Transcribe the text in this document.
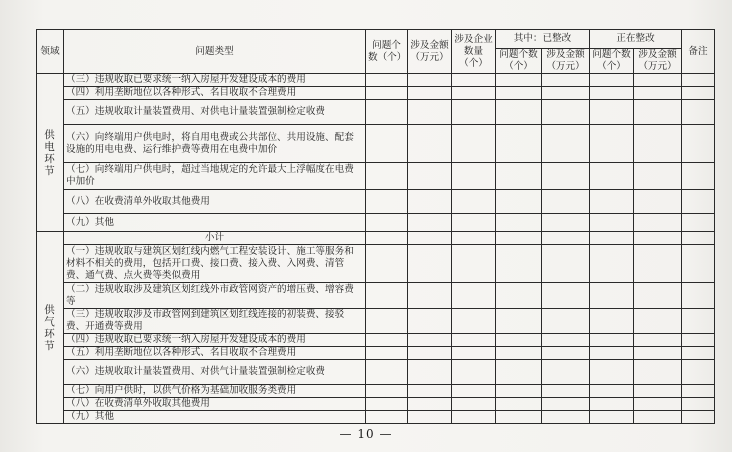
领域	问题类型	问题个数（个）	涉及金额（万元）	涉及企业数量（个）	其中：已整改		正在整改		备注
					问题个数（个）	涉及金额（万元）	问题个数（个）	涉及金额（万元）	
供电环节	（三）违规收取已要求统一纳入房屋开发建设成本的费用								
	（四）利用垄断地位以各种形式、名目收取不合理费用								
	（五）违规收取计量装置费用、对供电计量装置强制检定收费								
	（六）向终端用户供电时，将自用电费或公共部位、共用设施、配套设施的用电电费、运行维护费等费用在电费中加价								
	（七）向终端用户供电时，超过当地规定的允许最大上浮幅度在电费中加价								
	（八）在收费清单外收取其他费用								
	（九）其他								
供气环节	小计								
	（一）违规收取与建筑区划红线内燃气工程安装设计、施工等服务和材料不相关的费用，包括开口费、接口费、接入费、入网费、清管费、通气费、点火费等类似费用								
	（二）违规收取涉及建筑区划红线外市政管网资产的增压费、增容费等								
	（三）违规收取涉及市政管网到建筑区划红线连接的初装费、接驳费、开通费等费用								
	（四）违规收取已要求统一纳入房屋开发建设成本的费用								
	（五）利用垄断地位以各种形式、名目收取不合理费用								
	（六）违规收取计量装置费用、对供气计量装置强制检定收费								
	（七）向用户供时，以供气价格为基础加收服务类费用								
	（八）在收费清单外收取其他费用								
	（九）其他								
— 10 —
